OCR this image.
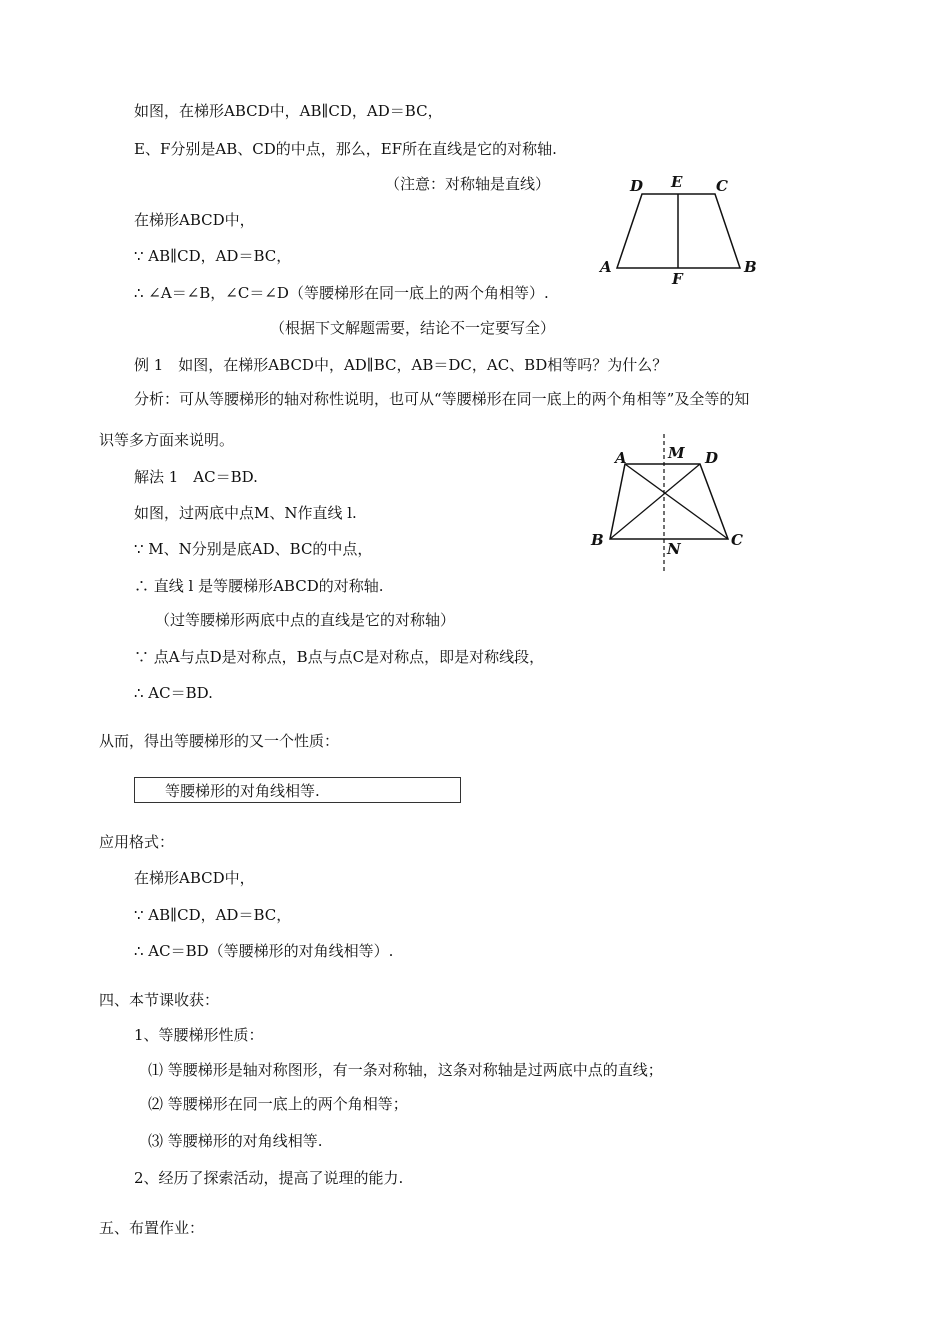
如图，在梯形ABCD中，AB∥CD，AD＝BC，
E、F分别是AB、CD的中点，那么，EF所在直线是它的对称轴.
（注意：对称轴是直线）
在梯形ABCD中，
∵ AB∥CD，AD＝BC，
∴ ∠A＝∠B，∠C＝∠D（等腰梯形在同一底上的两个角相等）.
（根据下文解题需要，结论不一定要写全）
D E C
A	B
F
例 1　如图，在梯形ABCD中，AD∥BC，AB＝DC，AC、BD相等吗？为什么？
分析：可从等腰梯形的轴对称性说明，也可从“等腰梯形在同一底上的两个角相等”及全等的知
识等多方面来说明。
解法 1　AC＝BD.
如图，过两底中点M、N作直线 l.
∵ M、N分别是底AD、BC的中点，
∴ 直线 l 是等腰梯形ABCD的对称轴.
（过等腰梯形两底中点的直线是它的对称轴）
∵ 点A与点D是对称点，B点与点C是对称点，即是对称线段，
∴ AC＝BD.
A	M D
B	N	C
从而，得出等腰梯形的又一个性质：
等腰梯形的对角线相等.
应用格式：
在梯形ABCD中，
∵ AB∥CD，AD＝BC，
∴ AC＝BD（等腰梯形的对角线相等）.
四、本节课收获：
1、等腰梯形性质：
⑴ 等腰梯形是轴对称图形，有一条对称轴，这条对称轴是过两底中点的直线；
⑵ 等腰梯形在同一底上的两个角相等；
⑶ 等腰梯形的对角线相等.
2、经历了探索活动，提高了说理的能力.
五、布置作业：
